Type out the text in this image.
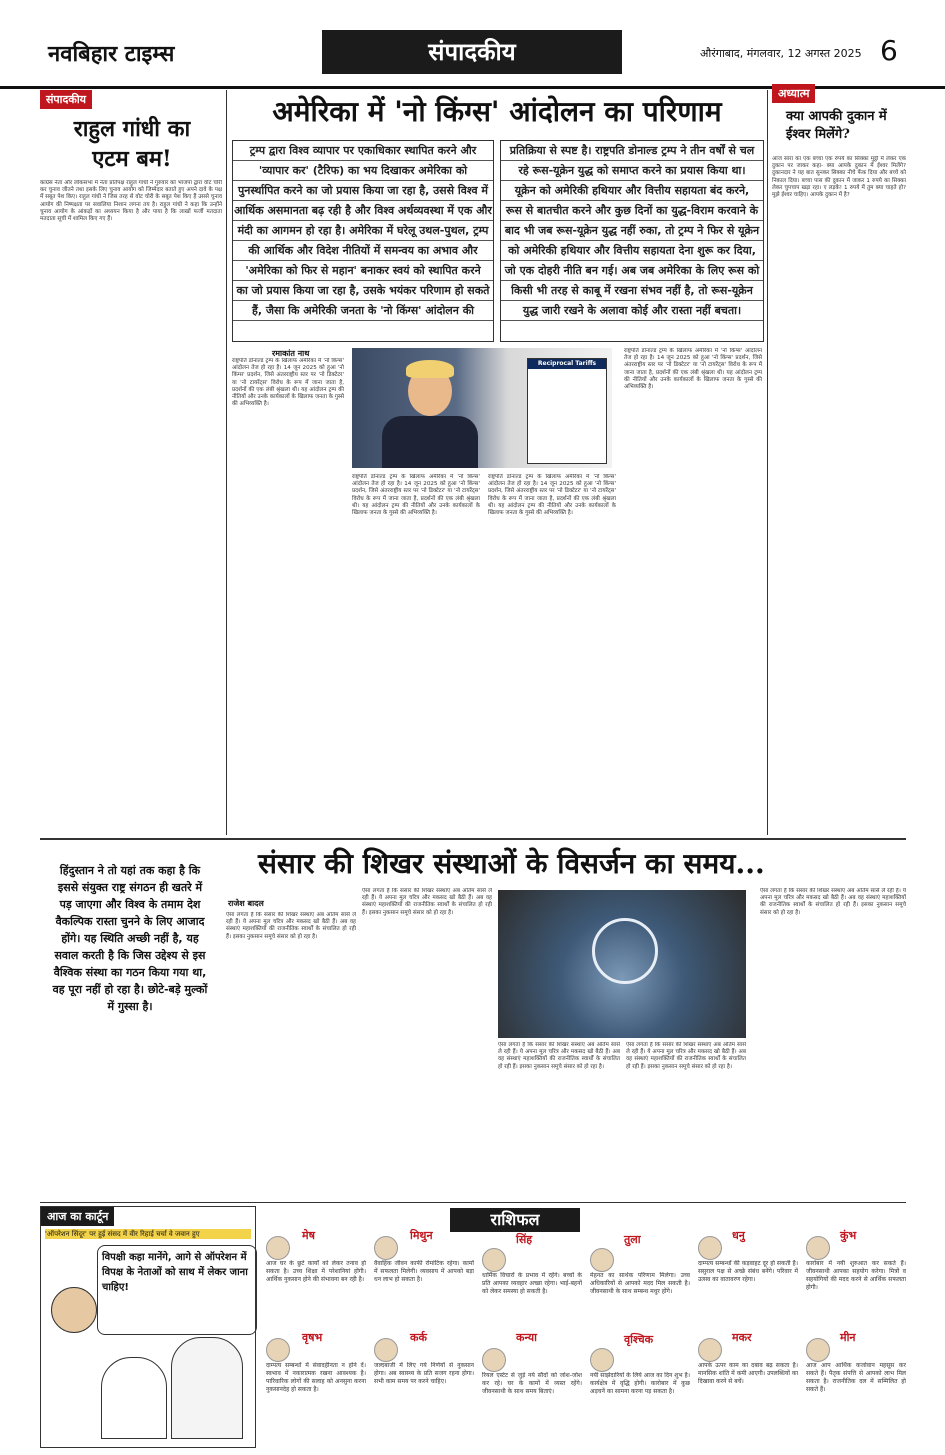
नवबिहार टाइम्स	संपादकीय	औरंगाबाद, मंगलवार, 12 अगस्त 2025 6
संपादकीय
राहुल गांधी का एटम बम!
कांग्रेस नेता और लोकसभा में नेता प्रतिपक्ष राहुल गांधी ने गुरुवार को भाजपा द्वारा वोट चोरी कर चुनाव जीतने तथा इसके लिए चुनाव आयोग को जिम्मेदार बताते हुए अपने दावे के पक्ष में सबूत पेश किए। राहुल गांधी ने जिस तरह से वोट चोरी के सबूत पेश किए हैं उससे चुनाव आयोग की निष्पक्षता पर सवालिया निशान लगना तय है। राहुल गांधी ने कहा कि उन्होंने चुनाव आयोग के आंकड़ों का अध्ययन किया है और पाया है कि लाखों फर्जी मतदाता मतदाता सूची में शामिल किए गए हैं।
अमेरिका में 'नो किंग्स' आंदोलन का परिणाम
ट्रम्प द्वारा विश्व व्यापार पर एकाधिकार स्थापित करने और
'व्यापार कर' (टैरिफ) का भय दिखाकर अमेरिका को
पुनर्स्थापित करने का जो प्रयास किया जा रहा है, उससे विश्व में
आर्थिक असमानता बढ़ रही है और विश्व अर्थव्यवस्था में एक और
मंदी का आगमन हो रहा है। अमेरिका में घरेलू उथल-पुथल, ट्रम्प
की आर्थिक और विदेश नीतियों में समन्वय का अभाव और
'अमेरिका को फिर से महान' बनाकर स्वयं को स्थापित करने
का जो प्रयास किया जा रहा है, उसके भयंकर परिणाम हो सकते
हैं, जैसा कि अमेरिकी जनता के 'नो किंग्स' आंदोलन की
प्रतिक्रिया से स्पष्ट है। राष्ट्रपति डोनाल्ड ट्रम्प ने तीन वर्षों से चल
रहे रूस-यूक्रेन युद्ध को समाप्त करने का प्रयास किया था।
यूक्रेन को अमेरिकी हथियार और वित्तीय सहायता बंद करने,
रूस से बातचीत करने और कुछ दिनों का युद्ध-विराम करवाने के
बाद भी जब रूस-यूक्रेन युद्ध नहीं रुका, तो ट्रम्प ने फिर से यूक्रेन
को अमेरिकी हथियार और वित्तीय सहायता देना शुरू कर दिया,
जो एक दोहरी नीति बन गई। अब जब अमेरिका के लिए रूस को
किसी भी तरह से काबू में रखना संभव नहीं है, तो रूस-यूक्रेन
युद्ध जारी रखने के अलावा कोई और रास्ता नहीं बचता।
रमाकांत नाथ
Reciprocal Tariffs
राष्ट्रपति डोनाल्ड ट्रम्प के खिलाफ अमेरिका में 'नो किंग्स' आंदोलन तेज हो रहा है। 14 जून 2025 को हुआ 'नो किंग्स' प्रदर्शन, जिसे अंतरराष्ट्रीय स्तर पर 'नो डिक्टेटर' या 'नो टायरेंट्स' विरोध के रूप में जाना जाता है, प्रदर्शनों की एक लंबी श्रृंखला थी। यह आंदोलन ट्रम्प की नीतियों और उनके कार्यकालों के खिलाफ जनता के गुस्से की अभिव्यक्ति है।
राष्ट्रपति डोनाल्ड ट्रम्प के खिलाफ अमेरिका में 'नो किंग्स' आंदोलन तेज हो रहा है। 14 जून 2025 को हुआ 'नो किंग्स' प्रदर्शन, जिसे अंतरराष्ट्रीय स्तर पर 'नो डिक्टेटर' या 'नो टायरेंट्स' विरोध के रूप में जाना जाता है, प्रदर्शनों की एक लंबी श्रृंखला थी। यह आंदोलन ट्रम्प की नीतियों और उनके कार्यकालों के खिलाफ जनता के गुस्से की अभिव्यक्ति है।
राष्ट्रपति डोनाल्ड ट्रम्प के खिलाफ अमेरिका में 'नो किंग्स' आंदोलन तेज हो रहा है। 14 जून 2025 को हुआ 'नो किंग्स' प्रदर्शन, जिसे अंतरराष्ट्रीय स्तर पर 'नो डिक्टेटर' या 'नो टायरेंट्स' विरोध के रूप में जाना जाता है, प्रदर्शनों की एक लंबी श्रृंखला थी। यह आंदोलन ट्रम्प की नीतियों और उनके कार्यकालों के खिलाफ जनता के गुस्से की अभिव्यक्ति है।
राष्ट्रपति डोनाल्ड ट्रम्प के खिलाफ अमेरिका में 'नो किंग्स' आंदोलन तेज हो रहा है। 14 जून 2025 को हुआ 'नो किंग्स' प्रदर्शन, जिसे अंतरराष्ट्रीय स्तर पर 'नो डिक्टेटर' या 'नो टायरेंट्स' विरोध के रूप में जाना जाता है, प्रदर्शनों की एक लंबी श्रृंखला थी। यह आंदोलन ट्रम्प की नीतियों और उनके कार्यकालों के खिलाफ जनता के गुस्से की अभिव्यक्ति है।
अध्यात्म
क्या आपकी दुकान में ईश्वर मिलेंगे?
आज सारा का एक बच्चा एक रुपये का सिक्का मुट्ठी में लेकर एक दुकान पर जाकर कहा- क्या आपके दुकान में ईश्वर मिलेंगे? दुकानदार ने यह बात सुनकर सिक्का नीचे फेंक दिया और बच्चे को निकाल दिया। बच्चा पास की दुकान में जाकर 1 रुपये का सिक्का लेकर चुपचाप खड़ा रहा। ए लड़के! 1 रुपये में तुम क्या चाहते हो? मुझे ईश्वर चाहिए। आपके दुकान में है?
संसार की शिखर संस्थाओं के विसर्जन का समय...
हिंदुस्तान ने तो यहां तक कहा है कि इससे संयुक्त राष्ट्र संगठन ही खतरे में पड़ जाएगा और विश्व के तमाम देश वैकल्पिक रास्ता चुनने के लिए आजाद होंगे। यह स्थिति अच्छी नहीं है, यह सवाल करती है कि जिस उद्देश्य से इस वैश्विक संस्था का गठन किया गया था, वह पूरा नहीं हो रहा है। छोटे-बड़े मुल्कों में गुस्सा है।
राजेश बादल
ऐसा लगता है कि संसार की शिखर संस्थाएं अब अंतिम सांसें ले रही हैं। ये अपना मूल चरित्र और मकसद खो बैठी हैं। अब वह संस्थाएं महाशक्तियों की राजनीतिक स्वार्थों के संचालित हो रही हैं। इसका नुकसान समूचे संसार को हो रहा है।
ऐसा लगता है कि संसार की शिखर संस्थाएं अब अंतिम सांसें ले रही हैं। ये अपना मूल चरित्र और मकसद खो बैठी हैं। अब वह संस्थाएं महाशक्तियों की राजनीतिक स्वार्थों के संचालित हो रही हैं। इसका नुकसान समूचे संसार को हो रहा है।
ऐसा लगता है कि संसार की शिखर संस्थाएं अब अंतिम सांसें ले रही हैं। ये अपना मूल चरित्र और मकसद खो बैठी हैं। अब वह संस्थाएं महाशक्तियों की राजनीतिक स्वार्थों के संचालित हो रही हैं। इसका नुकसान समूचे संसार को हो रहा है।
ऐसा लगता है कि संसार की शिखर संस्थाएं अब अंतिम सांसें ले रही हैं। ये अपना मूल चरित्र और मकसद खो बैठी हैं। अब वह संस्थाएं महाशक्तियों की राजनीतिक स्वार्थों के संचालित हो रही हैं। इसका नुकसान समूचे संसार को हो रहा है।
ऐसा लगता है कि संसार की शिखर संस्थाएं अब अंतिम सांसें ले रही हैं। ये अपना मूल चरित्र और मकसद खो बैठी हैं। अब वह संस्थाएं महाशक्तियों की राजनीतिक स्वार्थों के संचालित हो रही हैं। इसका नुकसान समूचे संसार को हो रहा है।
आज का कार्टून
'ऑपरेशन सिंदूर' पर हुई संसद में वीर रिहाई चर्चा वे जवान हुए
विपक्षी कहा मानेंगे, आगे से ऑपरेशन में विपक्ष के नेताओं को साथ में लेकर जाना चाहिए!
राशिफल
मेष
आज घर के छुटे कार्यों को लेकर तनाव हो सकता है। उच्च शिक्षा में परेशानियां होंगी। आर्थिक नुकसान होने की संभावना बन रही है।
वृषभ
दाम्पत्य सम्बन्धों में संवादहीनता न होने दें। स्वभाव में नकारात्मक रखना आवश्यक है। पारिवारिक लोगों की सलाह को अनसुना करना नुकसानदेह हो सकता है।
मिथुन
वैवाहिक जीवन काफी रोमांटिक रहेगा। कामों में सफलता मिलेगी। व्यवसाय में आपको बड़ा धन लाभ हो सकता है।
कर्क
जल्दबाजी में लिए गये निर्णयों से नुकसान होगा। अब स्वास्थ्य के प्रति सजग रहना होगा। सभी काम समय पर करने चाहिए।
सिंह
धार्मिक विचारों के प्रभाव में रहेंगे। बच्चों के प्रति आपका व्यवहार अच्छा रहेगा। भाई-बहनों को लेकर समस्या हो सकती है।
कन्या
रियल एस्टेट से जुड़े नये सौदों को जोश-जोश कर रहे। घर के कामों में व्यस्त रहेंगे। जीवनसाथी के साथ समय बिताएं।
तुला
मेहनत का सार्थक परिणाम मिलेगा। उच्च अधिकारियों से आपको मदद मिल सकती है। जीवनसाथी के साथ सम्बन्ध मधुर होंगे।
वृश्चिक
नयी साझेदारियों के लिये आज का दिन शुभ है। कार्यक्षेत्र में वृद्धि होगी। कारोबार में कुछ अड़चनें का सामना करना पड़ सकता है।
धनु
दाम्पत्य सम्बन्धों की कड़वाहट दूर हो सकती है। ससुराल पक्ष से अच्छे संबंध बनेंगे। परिवार में उत्सव का वातावरण रहेगा।
मकर
आपके ऊपर काम का दबाव बढ़ सकता है। मानसिक शांति में कमी आएगी। उपलब्धियों का दिखावा करने से बचें।
कुंभ
कारोबार में नयी शुरुआत कर सकते हैं। जीवनसाथी आपका सहयोग करेगा। मित्रों व सहयोगियों की मदद करने से आर्थिक सफलता होगी।
मीन
आज आप आर्थिक कर्जावान महसूस कर सकते हैं। पैतृक संपत्ति से आपको लाभ मिल सकता है। राजनीतिक दल में सम्मिलित हो सकते हैं।
